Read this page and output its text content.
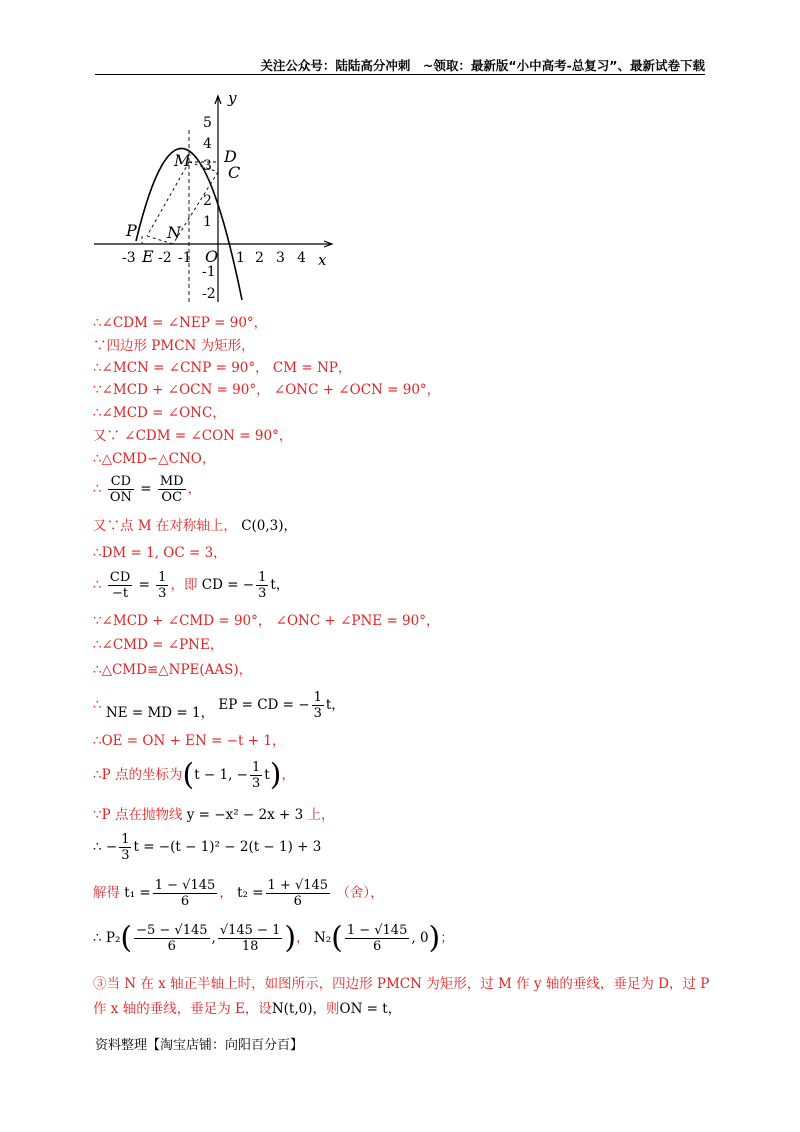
关注公众号：陆陆高分冲刺　~领取：最新版“小中高考-总复习”、最新试卷下载
y
x
5
4
3
2
1
-1
-2
-3 -2 -1	1 2 3 4
O
M D
C
P N
E
∴∠CDM = ∠NEP = 90°，
∵四边形 PMCN 为矩形，
∴∠MCN = ∠CNP = 90°， CM = NP，
∵∠MCD + ∠OCN = 90°， ∠ONC + ∠OCN = 90°，
∴∠MCD = ∠ONC，
又∵ ∠CDM = ∠CON = 90°，
∴△CMD∽△CNO，
∴ $\frac{CD}{ON} = \frac{MD}{OC}$ ，
又∵点 M 在对称轴上， C(0,3)，
∴DM = 1, OC = 3，
∴ $\frac{CD}{-t} = \frac{1}{3}$ ，即 CD = − $\frac{1}{3}$ t，
∵∠MCD + ∠CMD = 90°， ∠ONC + ∠PNE = 90°，
∴∠CMD = ∠PNE，
∴△CMD≌△NPE(AAS)，
∴ NE = MD = 1， EP = CD = − $\frac{1}{3}$ t，
∴OE = ON + EN = −t + 1，
∴P 点的坐标为(t − 1, − $\frac{1}{3} t$)，
∵P 点在抛物线 y = −x² − 2x + 3 上，
∴ − $\frac{1}{3}$ t = −(t − 1)² − 2(t − 1) + 3
解得 $t_1 = \frac{1 - √145}{6}$ ， $t_2 = \frac{1 + √145}{6}$ （舍），
∴ $P_2( \frac{-5 - √145}{6}$ , $\frac{√145 - 1}{18}$ )， $N_2( \frac{1 - √145}{6}$ , 0)；
③当 N 在 x 轴正半轴上时，如图所示，四边形 PMCN 为矩形，过 M 作 y 轴的垂线，垂足为 D，过 P
作 x 轴的垂线，垂足为 E，设N(t,0)，则ON = t，
资料整理【淘宝店铺：向阳百分百】
